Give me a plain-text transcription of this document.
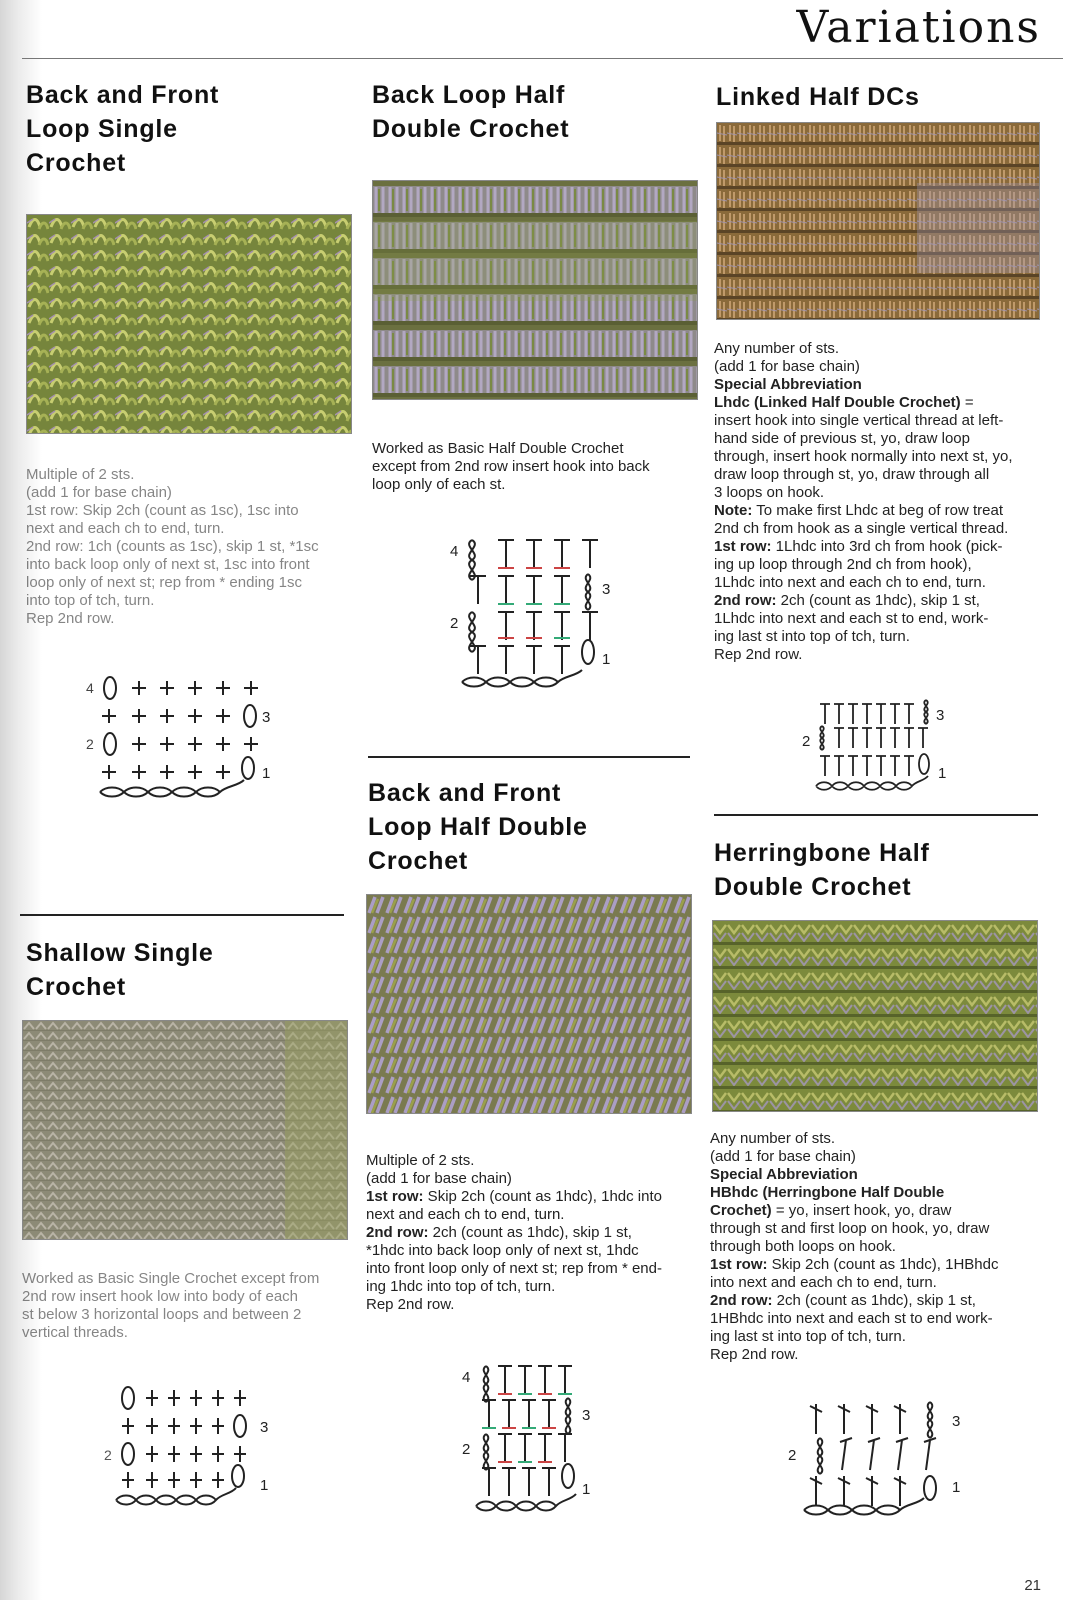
Variations
Back and Front
Loop Single
Crochet

Multiple of 2 sts.

(add 1 for base chain)

1st row: Skip 2ch (count as 1sc), 1sc into

next and each ch to end, turn.

2nd row: 1ch (counts as 1sc), skip 1 st, *1sc

into back loop only of next st, 1sc into front

loop only of next st; rep from * ending 1sc

into top of tch, turn.

Rep 2nd row.

4
3
2
1
Shallow Single
Crochet

Worked as Basic Single Crochet except from

2nd row insert hook low into body of each

st below 3 horizontal loops and between 2

vertical threads.

3
2
1
Back Loop Half
Double Crochet

Worked as Basic Half Double Crochet

except from 2nd row insert hook into back

loop only of each st.

4
3
2
1
Back and Front
Loop Half Double
Crochet

Multiple of 2 sts.

(add 1 for base chain)

1st row: Skip 2ch (count as 1hdc), 1hdc into

next and each ch to end, turn.

2nd row: 2ch (count as 1hdc), skip 1 st,

*1hdc into back loop only of next st, 1hdc

into front loop only of next st; rep from * end-

ing 1hdc into top of tch, turn.

Rep 2nd row.

4
3
2
1
Linked Half DCs

Any number of sts.

(add 1 for base chain)

Special Abbreviation

Lhdc (Linked Half Double Crochet) =

insert hook into single vertical thread at left-

hand side of previous st, yo, draw loop

through, insert hook normally into next st, yo,

draw loop through st, yo, draw through all

3 loops on hook.

Note: To make first Lhdc at beg of row treat

2nd ch from hook as a single vertical thread.

1st row: 1Lhdc into 3rd ch from hook (pick-

ing up loop through 2nd ch from hook),

1Lhdc into next and each ch to end, turn.

2nd row: 2ch (count as 1hdc), skip 1 st,

1Lhdc into next and each st to end, work-

ing last st into top of tch, turn.

Rep 2nd row.

3
2
1
Herringbone Half
Double Crochet

Any number of sts.

(add 1 for base chain)

Special Abbreviation

HBhdc (Herringbone Half Double

Crochet) = yo, insert hook, yo, draw

through st and first loop on hook, yo, draw

through both loops on hook.

1st row: Skip 2ch (count as 1hdc), 1HBhdc

into next and each ch to end, turn.

2nd row: 2ch (count as 1hdc), skip 1 st,

1HBhdc into next and each st to end work-

ing last st into top of tch, turn.

Rep 2nd row.

3
2
1
21
